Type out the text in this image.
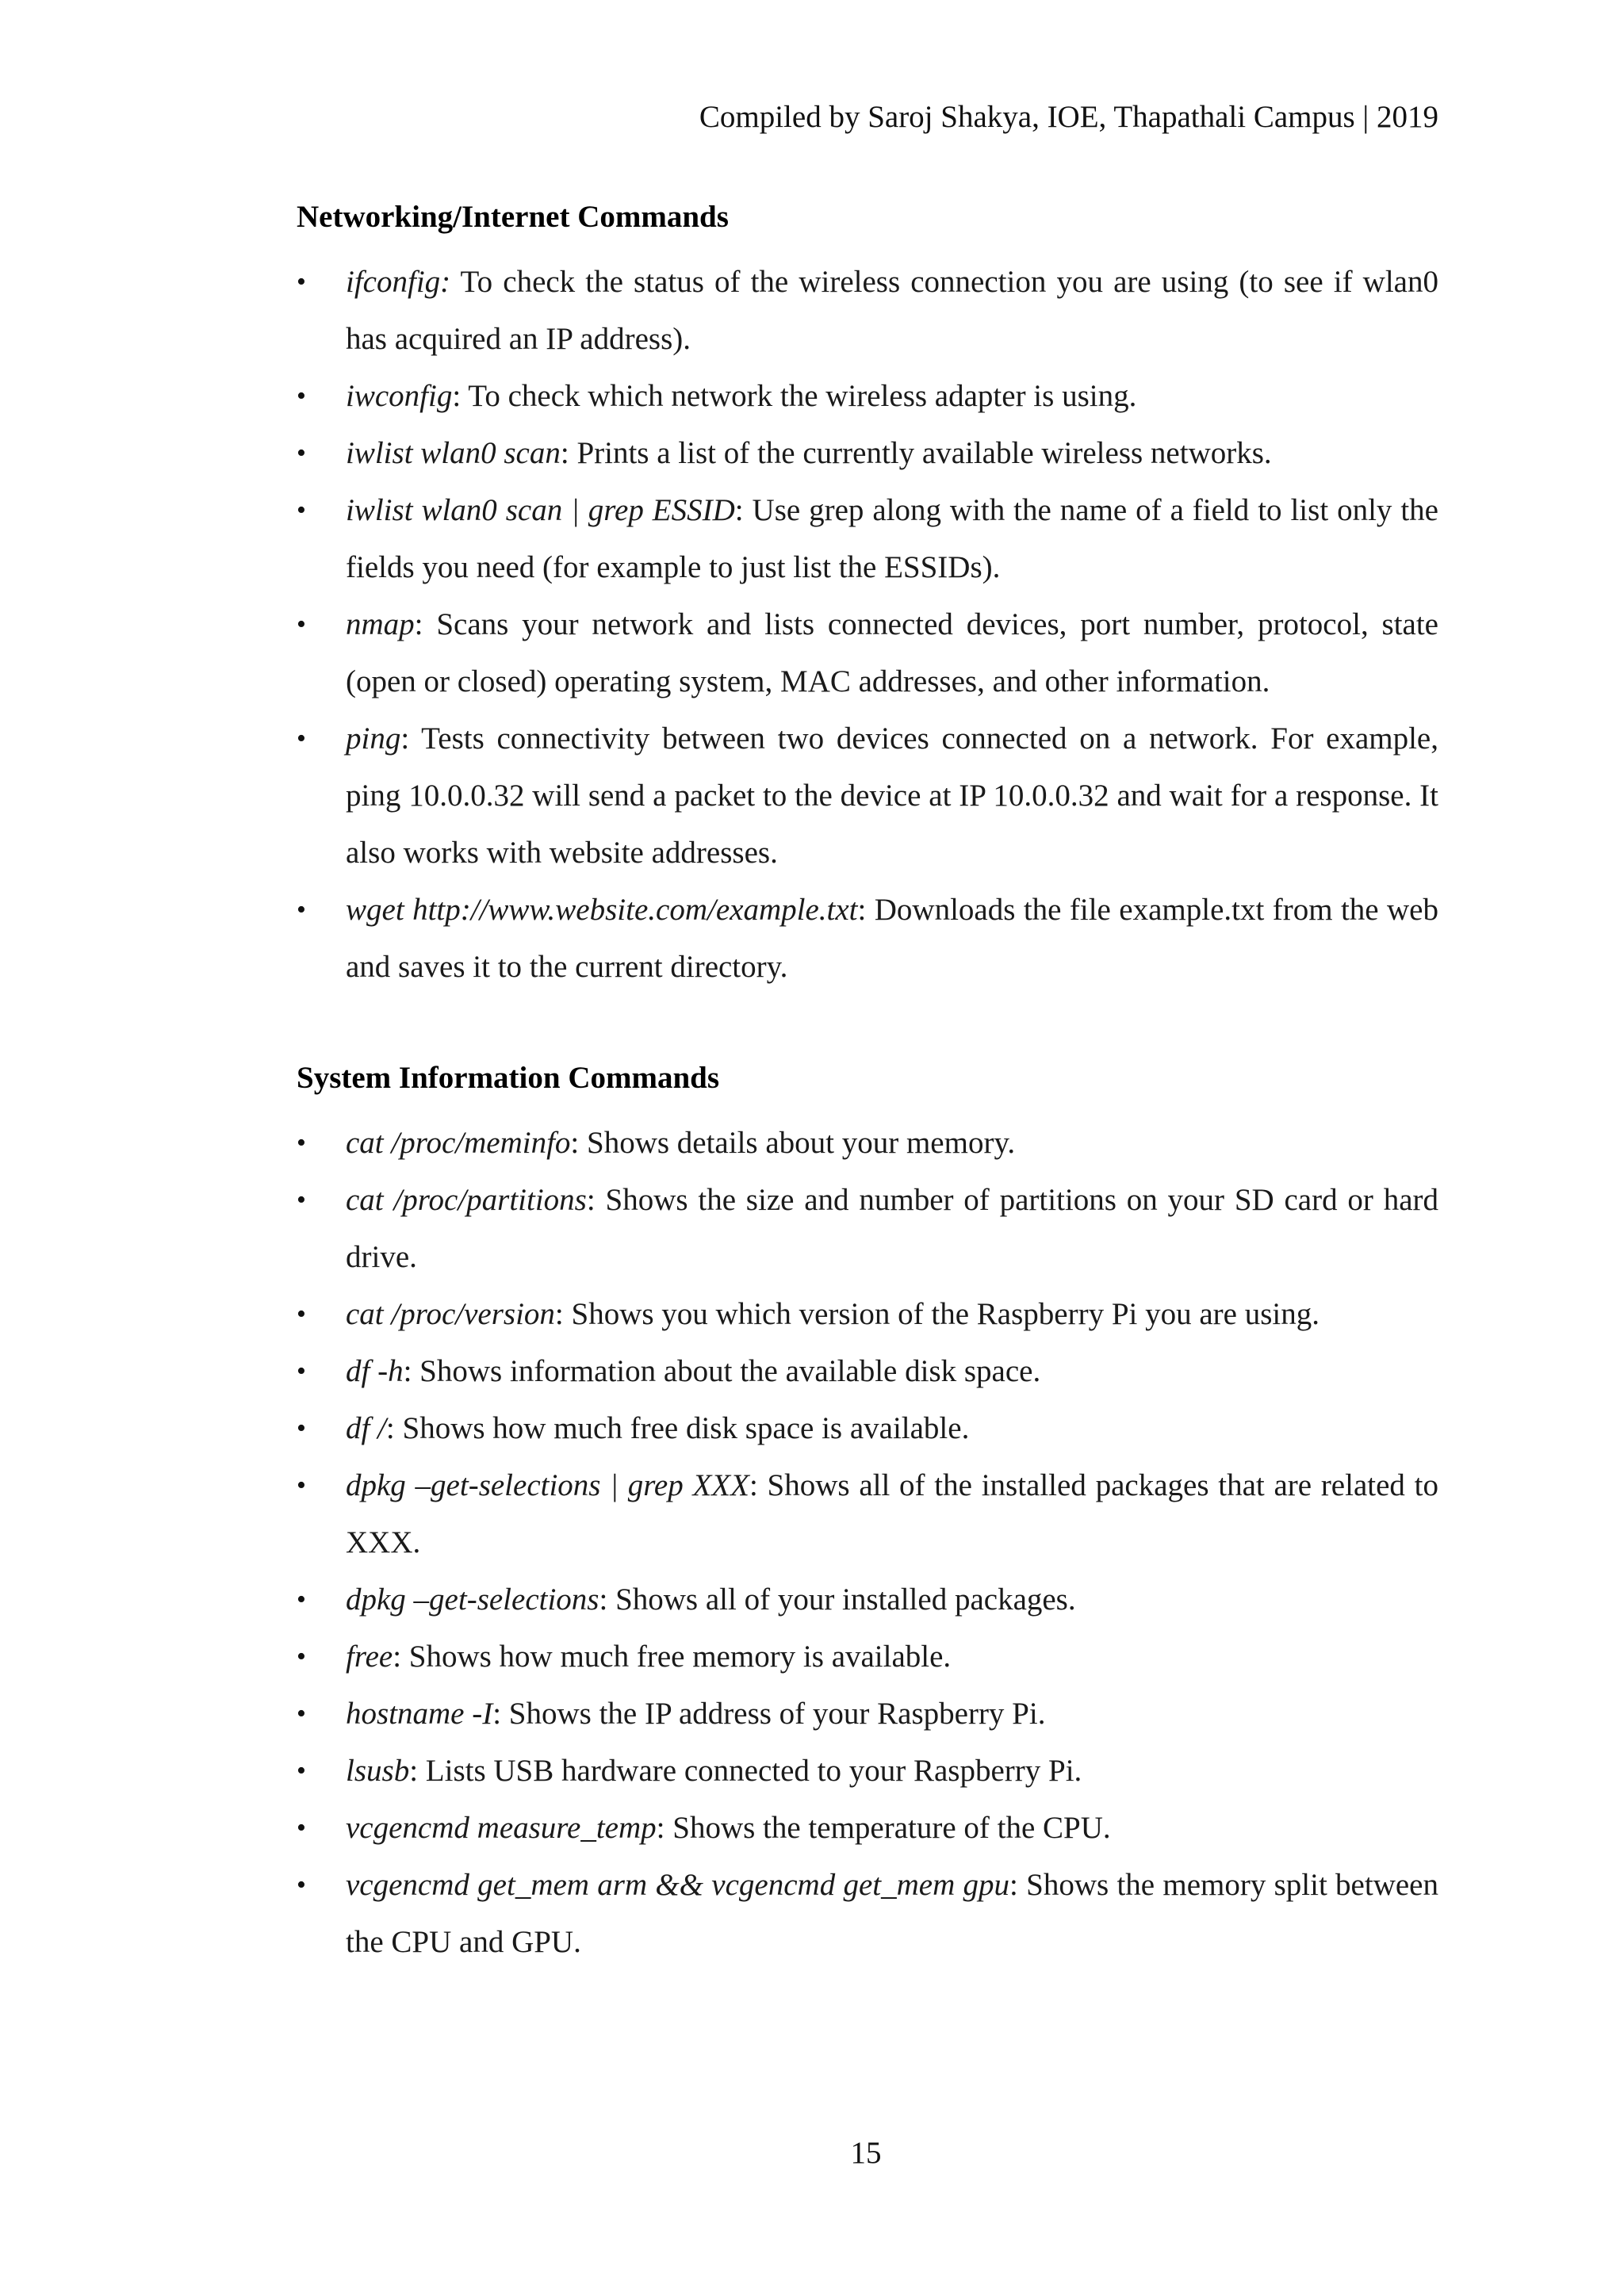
Compiled by Saroj Shakya, IOE, Thapathali Campus | 2019
Networking/Internet Commands
• ifconfig: To check the status of the wireless connection you are using (to see if wlan0 has acquired an IP address).
• iwconfig: To check which network the wireless adapter is using.
• iwlist wlan0 scan: Prints a list of the currently available wireless networks.
• iwlist wlan0 scan | grep ESSID: Use grep along with the name of a field to list only the fields you need (for example to just list the ESSIDs).
• nmap: Scans your network and lists connected devices, port number, protocol, state (open or closed) operating system, MAC addresses, and other information.
• ping: Tests connectivity between two devices connected on a network. For example, ping 10.0.0.32 will send a packet to the device at IP 10.0.0.32 and wait for a response. It also works with website addresses.
• wget http://www.website.com/example.txt: Downloads the file example.txt from the web and saves it to the current directory.
System Information Commands
• cat /proc/meminfo: Shows details about your memory.
• cat /proc/partitions: Shows the size and number of partitions on your SD card or hard drive.
• cat /proc/version: Shows you which version of the Raspberry Pi you are using.
• df -h: Shows information about the available disk space.
• df /: Shows how much free disk space is available.
• dpkg –get-selections | grep XXX: Shows all of the installed packages that are related to XXX.
• dpkg –get-selections: Shows all of your installed packages.
• free: Shows how much free memory is available.
• hostname -I: Shows the IP address of your Raspberry Pi.
• lsusb: Lists USB hardware connected to your Raspberry Pi.
• vcgencmd measure_temp: Shows the temperature of the CPU.
• vcgencmd get_mem arm && vcgencmd get_mem gpu: Shows the memory split between the CPU and GPU.
15
